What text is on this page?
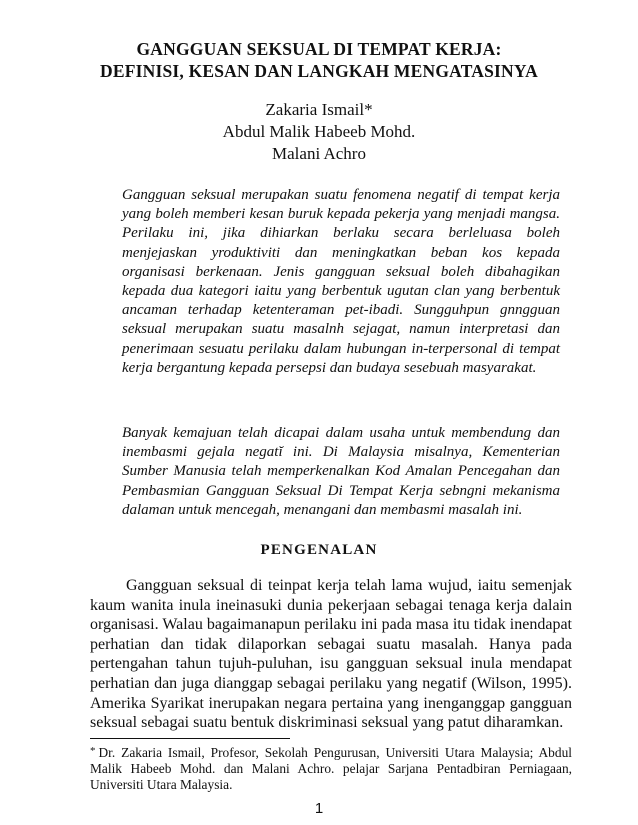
GANGGUAN SEKSUAL DI TEMPAT KERJA:
DEFINISI, KESAN DAN LANGKAH MENGATASINYA
Zakaria Ismail*
Abdul Malik Habeeb Mohd.
Malani Achro
Gangguan seksual merupakan suatu fenomena negatif di tempat kerja yang boleh memberi kesan buruk kepada pekerja yang menjadi mangsa. Perilaku ini, jika dihiarkan berlaku secara berleluasa boleh menjejaskan yroduktiviti dan meningkatkan beban kos kepada organisasi berkenaan. Jenis gangguan seksual boleh dibahagikan kepada dua kategori iaitu yang berbentuk ugutan clan yang berbentuk ancaman terhadap ketenteraman pet-ibadi. Sungguhpun gnngguan seksual merupakan suatu masalnh sejagat, namun interpretasi dan penerimaan sesuatu perilaku dalam hubungan in-terpersonal di tempat kerja bergantung kepada persepsi dan budaya sesebuah masyarakat.
Banyak kemajuan telah dicapai dalam usaha untuk membendung dan inembasmi gejala negatĭ ini. Di Malaysia misalnya, Kementerian Sumber Manusia telah memperkenalkan Kod Amalan Pencegahan dan Pembasmian Gangguan Seksual Di Tempat Kerja sebngni mekanisma dalaman untuk mencegah, menangani dan membasmi masalah ini.
PENGENALAN
Gangguan seksual di teinpat kerja telah lama wujud, iaitu semenjak kaum wanita inula ineinasuki dunia pekerjaan sebagai tenaga kerja dalain organisasi. Walau bagaimanapun perilaku ini pada masa itu tidak inendapat perhatian dan tidak dilaporkan sebagai suatu masalah. Hanya pada pertengahan tahun tujuh-puluhan, isu gangguan seksual inula mendapat perhatian dan juga dianggap sebagai perilaku yang negatif (Wilson, 1995). Amerika Syarikat inerupakan negara pertaina yang inenganggap gangguan seksual sebagai suatu bentuk diskriminasi seksual yang patut diharamkan.
* Dr. Zakaria Ismail, Profesor, Sekolah Pengurusan, Universiti Utara Malaysia; Abdul Malik Habeeb Mohd. dan Malani Achro. pelajar Sarjana Pentadbiran Perniagaan, Universiti Utara Malaysia.
1
